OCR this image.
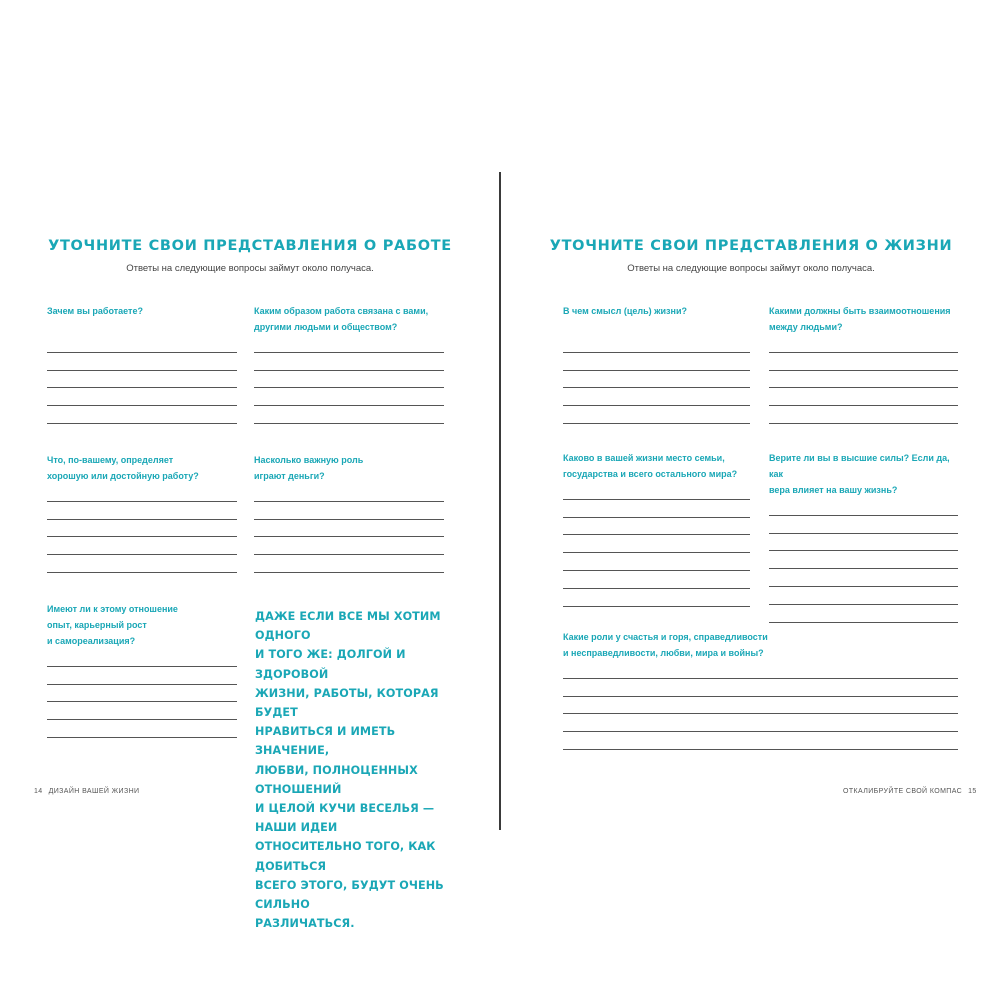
УТОЧНИТЕ СВОИ ПРЕДСТАВЛЕНИЯ О РАБОТЕ
Ответы на следующие вопросы займут около получаса.

Зачем вы работаете?	Каким образом работа связана с вами,
другими людьми и обществом?

Что, по-вашему, определяет
хорошую или достойную работу?

Насколько важную роль
играют деньги?

Имеют ли к этому отношение
опыт, карьерный рост
и самореализация?

ДАЖЕ ЕСЛИ ВСЕ МЫ ХОТИМ ОДНОГО
И ТОГО ЖЕ: ДОЛГОЙ И ЗДОРОВОЙ
ЖИЗНИ, РАБОТЫ, КОТОРАЯ БУДЕТ
НРАВИТЬСЯ И ИМЕТЬ ЗНАЧЕНИЕ,
ЛЮБВИ, ПОЛНОЦЕННЫХ ОТНОШЕНИЙ
И ЦЕЛОЙ КУЧИ ВЕСЕЛЬЯ — НАШИ ИДЕИ
ОТНОСИТЕЛЬНО ТОГО, КАК ДОБИТЬСЯ
ВСЕГО ЭТОГО, БУДУТ ОЧЕНЬ СИЛЬНО
РАЗЛИЧАТЬСЯ.
14 ДИЗАЙН ВАШЕЙ ЖИЗНИ
УТОЧНИТЕ СВОИ ПРЕДСТАВЛЕНИЯ О ЖИЗНИ
Ответы на следующие вопросы займут около получаса.

В чем смысл (цель) жизни?	Какими должны быть взаимоотношения
между людьми?

Каково в вашей жизни место семьи,
государства и всего остального мира?

Верите ли вы в высшие силы? Если да, как
вера влияет на вашу жизнь?

Какие роли у счастья и горя, справедливости
и несправедливости, любви, мира и войны?

ОТКАЛИБРУЙТЕ СВОЙ КОМПАС 15
